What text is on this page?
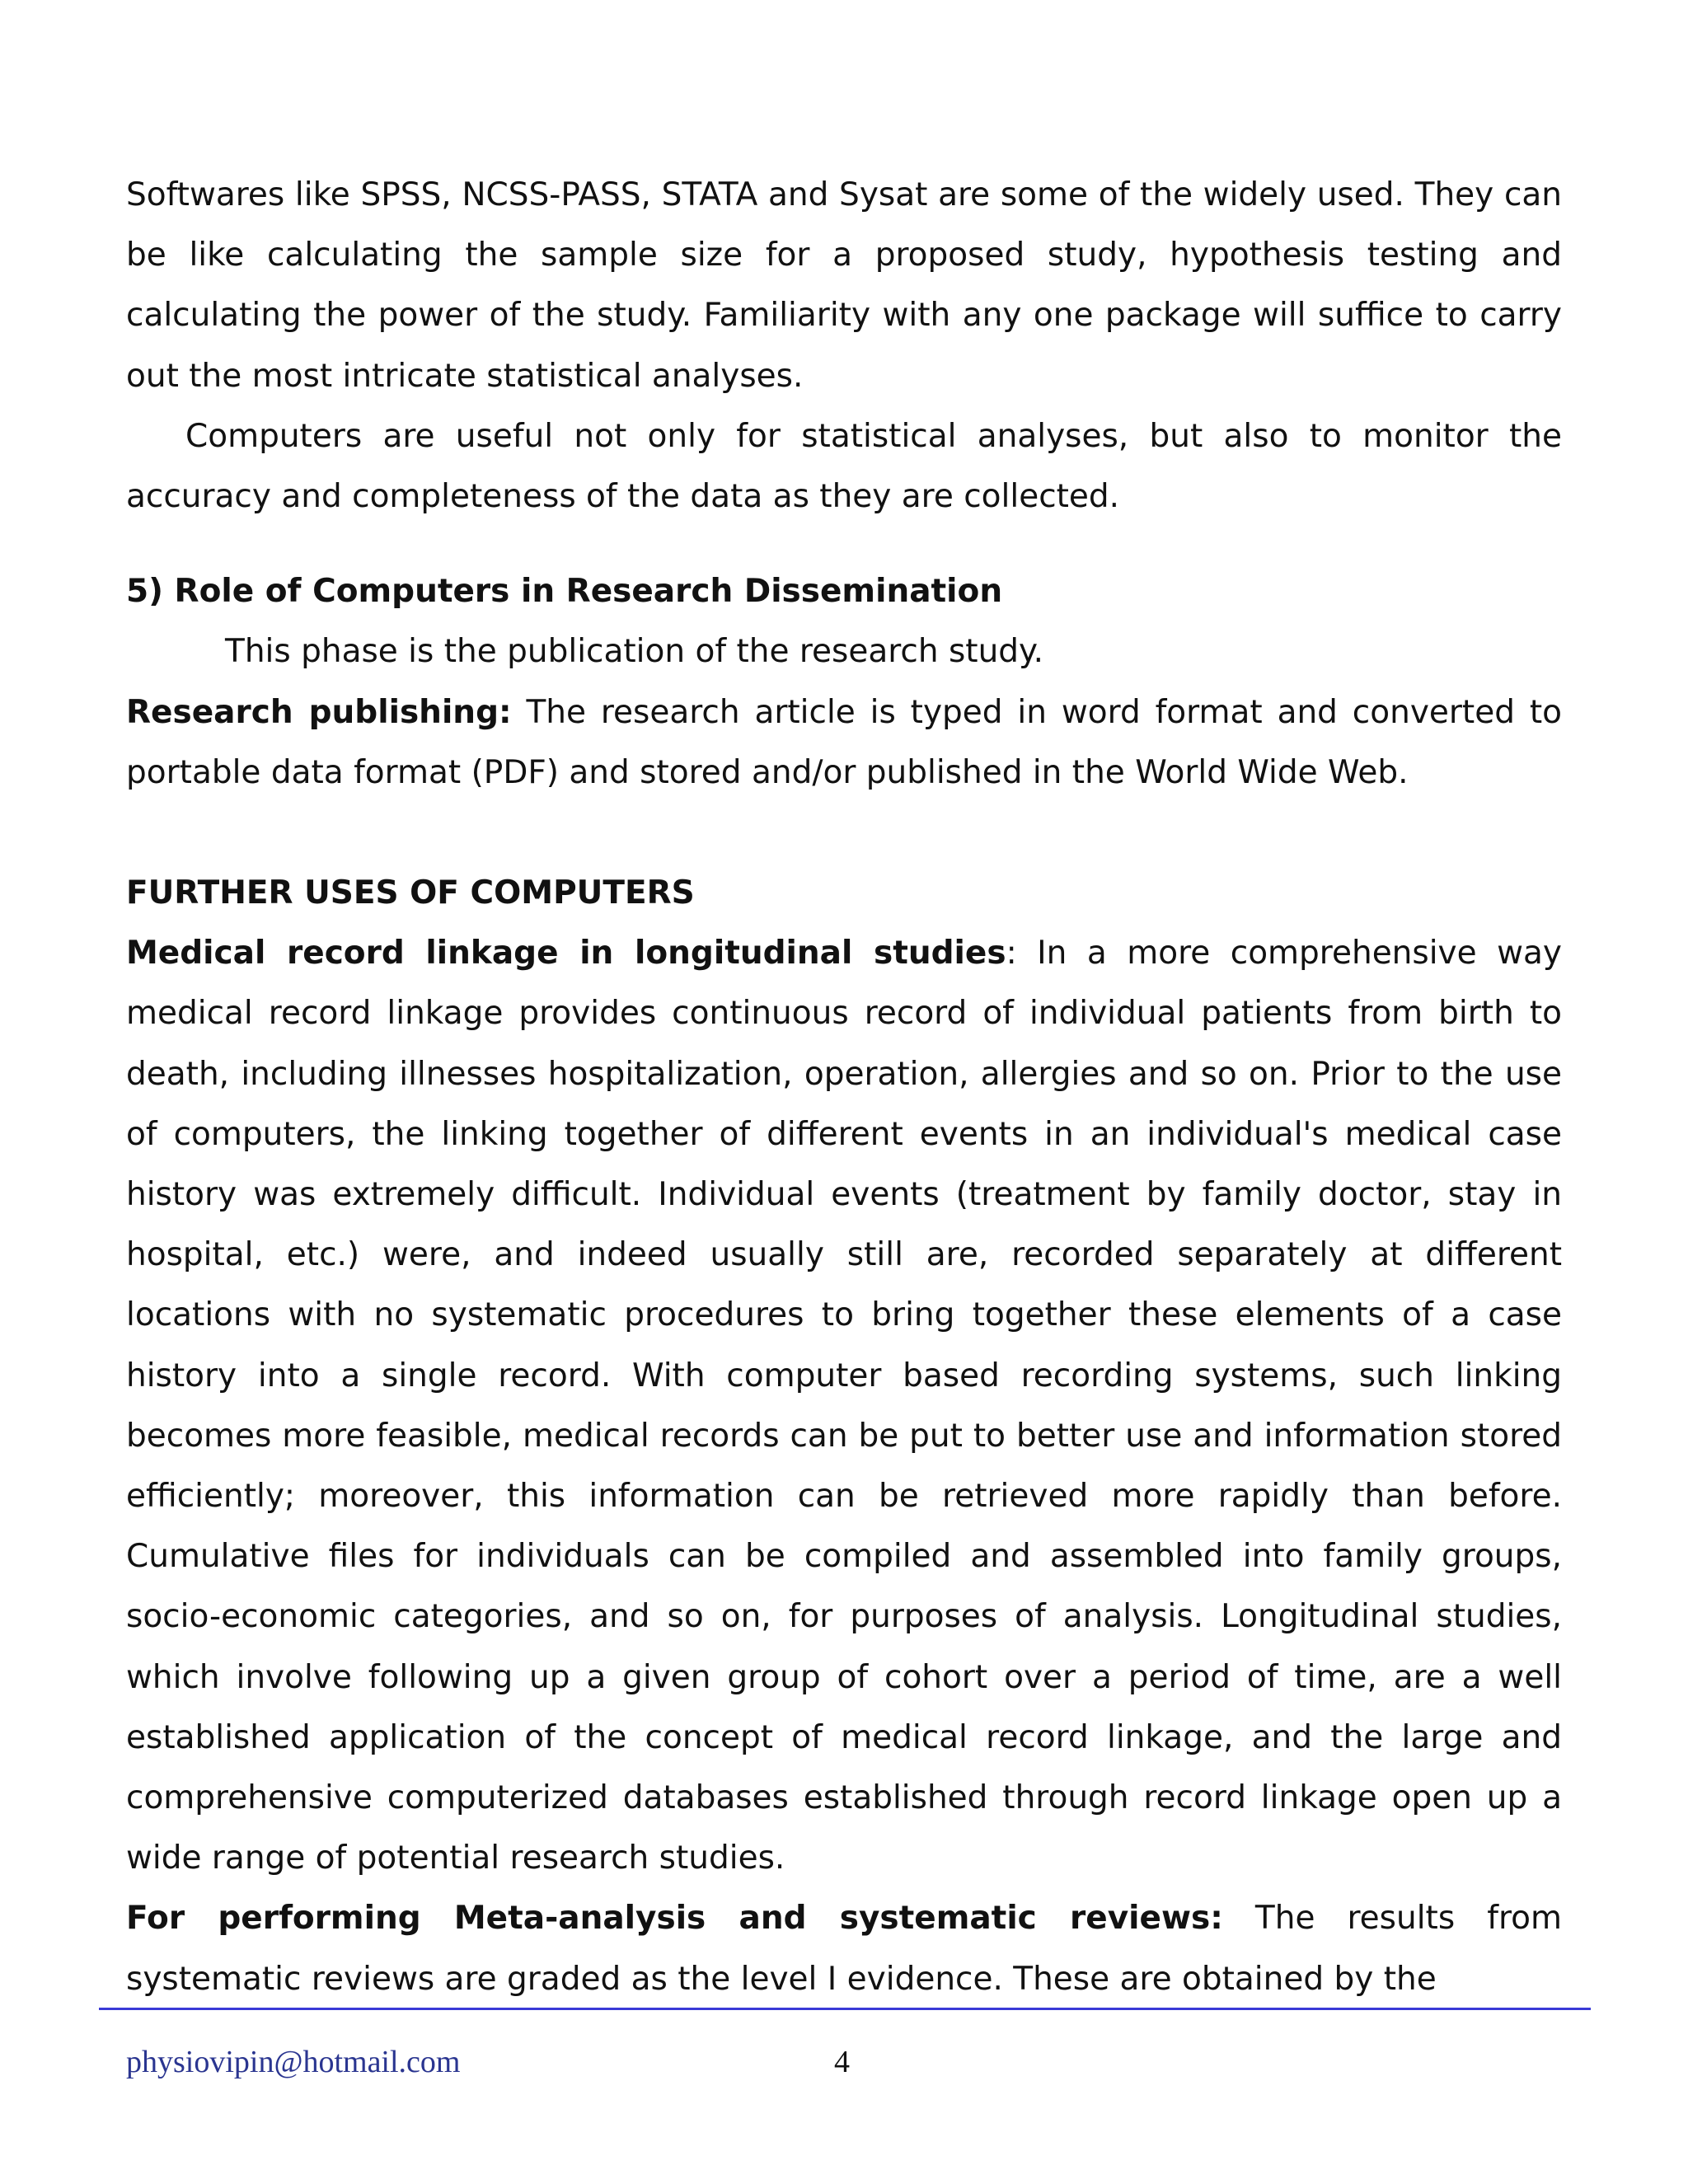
Softwares like SPSS, NCSS-PASS, STATA and Sysat are some of the widely used. They can be like calculating the sample size for a proposed study, hypothesis testing and calculating the power of the study. Familiarity with any one package will suffice to carry out the most intricate statistical analyses.

Computers are useful not only for statistical analyses, but also to monitor the accuracy and completeness of the data as they are collected.

5) Role of Computers in Research Dissemination

This phase is the publication of the research study.

Research publishing: The research article is typed in word format and converted to portable data format (PDF) and stored and/or published in the World Wide Web.

FURTHER USES OF COMPUTERS

Medical record linkage in longitudinal studies: In a more comprehensive way medical record linkage provides continuous record of individual patients from birth to death, including illnesses hospitalization, operation, allergies and so on. Prior to the use of computers, the linking together of different events in an individual's medical case history was extremely difficult. Individual events (treatment by family doctor, stay in hospital, etc.) were, and indeed usually still are, recorded separately at different locations with no systematic procedures to bring together these elements of a case history into a single record. With computer based recording systems, such linking becomes more feasible, medical records can be put to better use and information stored efficiently; moreover, this information can be retrieved more rapidly than before. Cumulative files for individuals can be compiled and assembled into family groups, socio-economic categories, and so on, for purposes of analysis. Longitudinal studies, which involve following up a given group of cohort over a period of time, are a well established application of the concept of medical record linkage, and the large and comprehensive computerized databases established through record linkage open up a wide range of potential research studies.

For performing Meta-analysis and systematic reviews: The results from systematic reviews are graded as the level I evidence. These are obtained by the

physiovipin@hotmail.com	4
